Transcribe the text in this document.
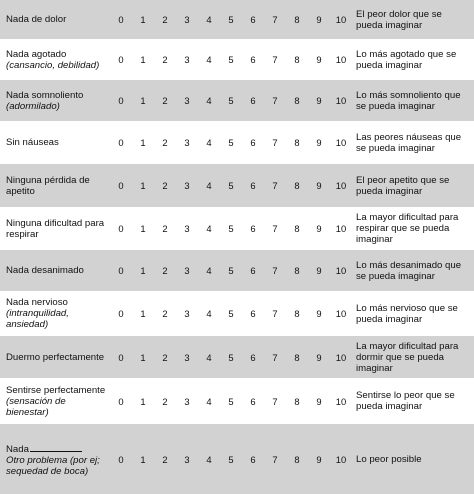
Nada de dolor	0	1	2	3	4	5	6	7	8	9	10	El peor dolor que se pueda imaginar
Nada agotado
(cansancio, debilidad)	0	1	2	3	4	5	6	7	8	9	10	Lo más agotado que se pueda imaginar
Nada somnoliento
(adormilado)	0	1	2	3	4	5	6	7	8	9	10	Lo más somnoliento que se pueda imaginar
Sin náuseas	0	1	2	3	4	5	6	7	8	9	10	Las peores náuseas que se pueda imaginar
Ninguna pérdida de apetito	0	1	2	3	4	5	6	7	8	9	10	El peor apetito que se pueda imaginar
Ninguna dificultad para respirar	0	1	2	3	4	5	6	7	8	9	10	La mayor dificultad para respirar que se pueda imaginar
Nada desanimado	0	1	2	3	4	5	6	7	8	9	10	Lo más desanimado que se pueda imaginar
Nada nervioso
(intranquilidad, ansiedad)	0	1	2	3	4	5	6	7	8	9	10	Lo más nervioso que se pueda imaginar
Duermo perfectamente	0	1	2	3	4	5	6	7	8	9	10	La mayor dificultad para dormir que se pueda imaginar
Sentirse perfectamente
(sensación de bienestar)	0	1	2	3	4	5	6	7	8	9	10	Sentirse lo peor que se pueda imaginar
Nada
Otro problema (por ej; sequedad de boca)	0	1	2	3	4	5	6	7	8	9	10	Lo peor posible
